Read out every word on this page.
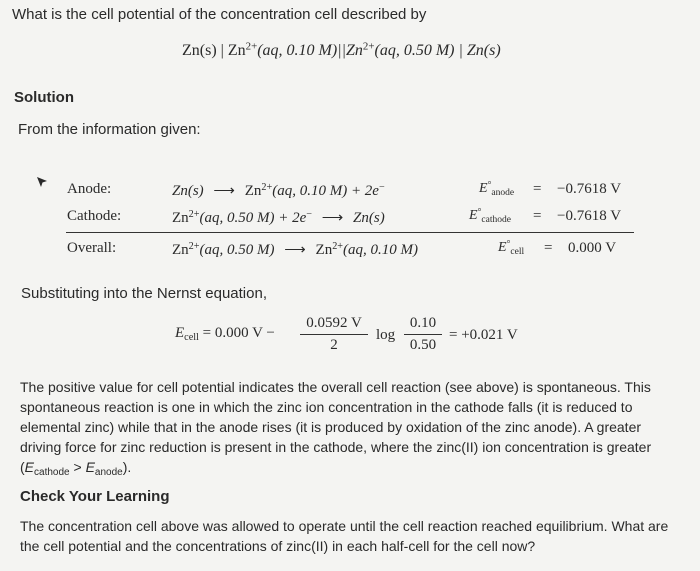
What is the cell potential of the concentration cell described by
Zn(s) | $Zn^{2+}(aq$, 0.10 $M)||Zn^{2+}(aq$, 0.50 M) | Zn(s)
Solution
From the information given:
Anode:	Zn(s) ⟶ $Zn^{2+}(aq$, 0.10 M) + 2e−	$E^\circ_{anode} = -0.7618$ V
Cathode:	$Zn^{2+}(aq$, 0.50 M) + 2e− ⟶ Zn(s)	$E^\circ_{cathode} = -0.7618$ V
Overall:	$Zn^{2+}(aq$, 0.50 M) ⟶ $Zn^{2+}(aq$, 0.10 M)	$E^\circ_{cell} = 0.000$ V
Substituting into the Nernst equation,
$E_{cell} = 0.000$ V −
0.0592 V
2
log
0.10
0.50
= +0.021 V
The positive value for cell potential indicates the overall cell reaction (see above) is spontaneous. This spontaneous reaction is one in which the zinc ion concentration in the cathode falls (it is reduced to elemental zinc) while that in the anode rises (it is produced by oxidation of the zinc anode). A greater driving force for zinc reduction is present in the cathode, where the zinc(II) ion concentration is greater $(E_{cathode} > E_{anode})$.
Check Your Learning
The concentration cell above was allowed to operate until the cell reaction reached equilibrium. What are the cell potential and the concentrations of zinc(II) in each half-cell for the cell now?
